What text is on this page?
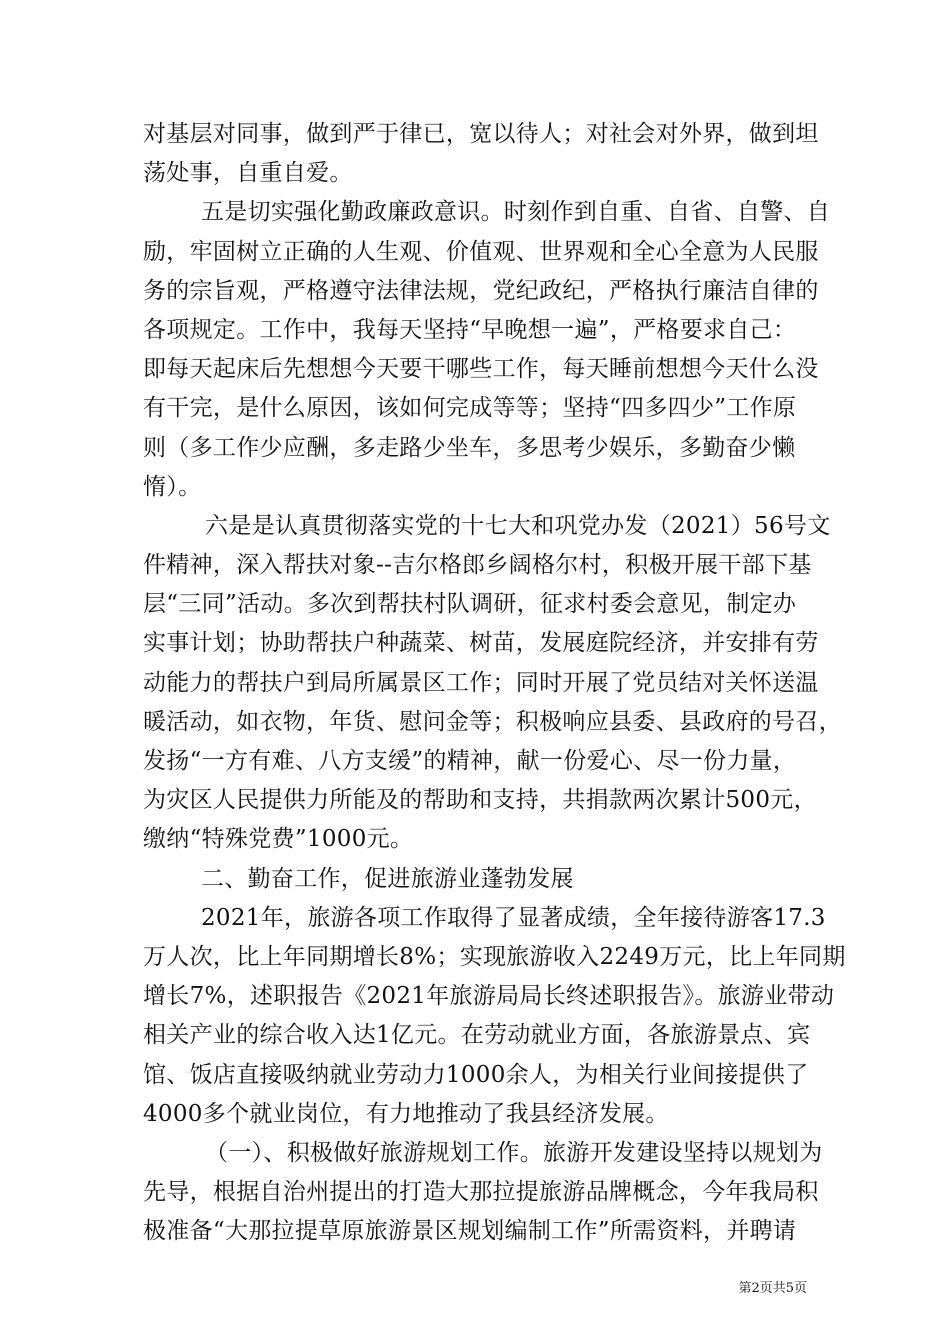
对基层对同事，做到严于律已，宽以待人；对社会对外界，做到坦
荡处事，自重自爱。
五是切实强化勤政廉政意识。时刻作到自重、自省、自警、自
励，牢固树立正确的人生观、价值观、世界观和全心全意为人民服
务的宗旨观，严格遵守法律法规，党纪政纪，严格执行廉洁自律的
各项规定。工作中，我每天坚持“早晚想一遍”，严格要求自己：
即每天起床后先想想今天要干哪些工作，每天睡前想想今天什么没
有干完，是什么原因，该如何完成等等；坚持“四多四少”工作原
则（多工作少应酬，多走路少坐车，多思考少娱乐，多勤奋少懒
惰）。
六是是认真贯彻落实党的十七大和巩党办发（2021）56号文
件精神，深入帮扶对象--吉尔格郎乡阔格尔村，积极开展干部下基
层“三同”活动。多次到帮扶村队调研，征求村委会意见，制定办
实事计划；协助帮扶户种蔬菜、树苗，发展庭院经济，并安排有劳
动能力的帮扶户到局所属景区工作；同时开展了党员结对关怀送温
暖活动，如衣物，年货、慰问金等；积极响应县委、县政府的号召，
发扬“一方有难、八方支缓”的精神，献一份爱心、尽一份力量，
为灾区人民提供力所能及的帮助和支持，共捐款两次累计500元，
缴纳“特殊党费”1000元。
二、勤奋工作，促进旅游业蓬勃发展
2021年，旅游各项工作取得了显著成绩，全年接待游客17.3
万人次，比上年同期增长8%；实现旅游收入2249万元，比上年同期
增长7%，述职报告《2021年旅游局局长终述职报告》。旅游业带动
相关产业的综合收入达1亿元。在劳动就业方面，各旅游景点、宾
馆、饭店直接吸纳就业劳动力1000余人，为相关行业间接提供了
4000多个就业岗位，有力地推动了我县经济发展。
（一）、积极做好旅游规划工作。旅游开发建设坚持以规划为
先导，根据自治州提出的打造大那拉提旅游品牌概念，今年我局积
极准备“大那拉提草原旅游景区规划编制工作”所需资料，并聘请
第2页共5页
